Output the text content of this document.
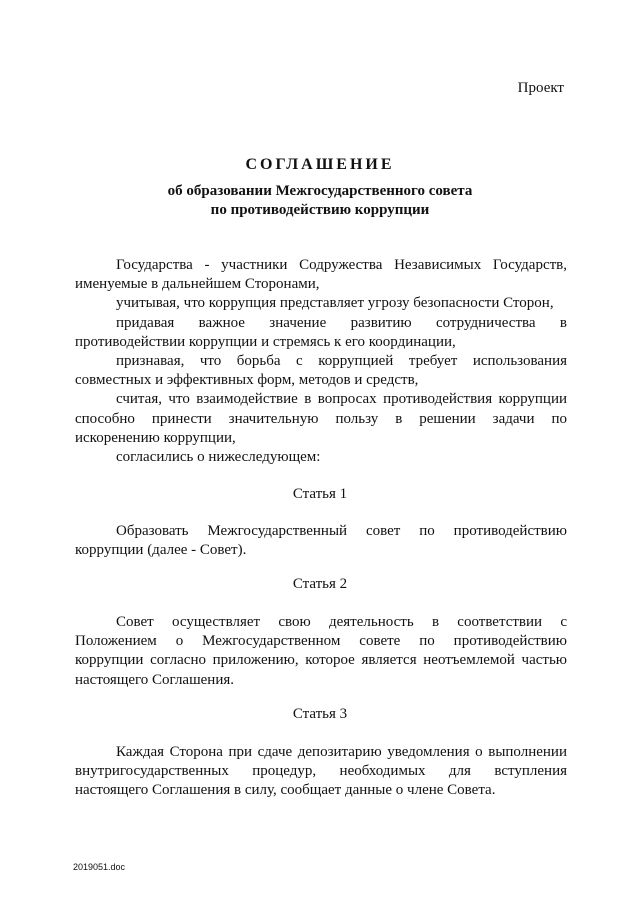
Проект
СОГЛАШЕНИЕ
об образовании Межгосударственного совета
по противодействию коррупции
Государства - участники Содружества Независимых Государств,
именуемые в дальнейшем Сторонами,
учитывая, что коррупция представляет угрозу безопасности Сторон,
придавая важное значение развитию сотрудничества в
противодействии коррупции и стремясь к его координации,
признавая, что борьба с коррупцией требует использования
совместных и эффективных форм, методов и средств,
считая, что взаимодействие в вопросах противодействия коррупции
способно принести значительную пользу в решении задачи по
искоренению коррупции,
согласились о нижеследующем:
Статья 1
Образовать Межгосударственный совет по противодействию
коррупции (далее - Совет).
Статья 2
Совет осуществляет свою деятельность в соответствии с
Положением о Межгосударственном совете по противодействию
коррупции согласно приложению, которое является неотъемлемой частью
настоящего Соглашения.
Статья 3
Каждая Сторона при сдаче депозитарию уведомления о выполнении
внутригосударственных процедур, необходимых для вступления
настоящего Соглашения в силу, сообщает данные о члене Совета.
2019051.doc
